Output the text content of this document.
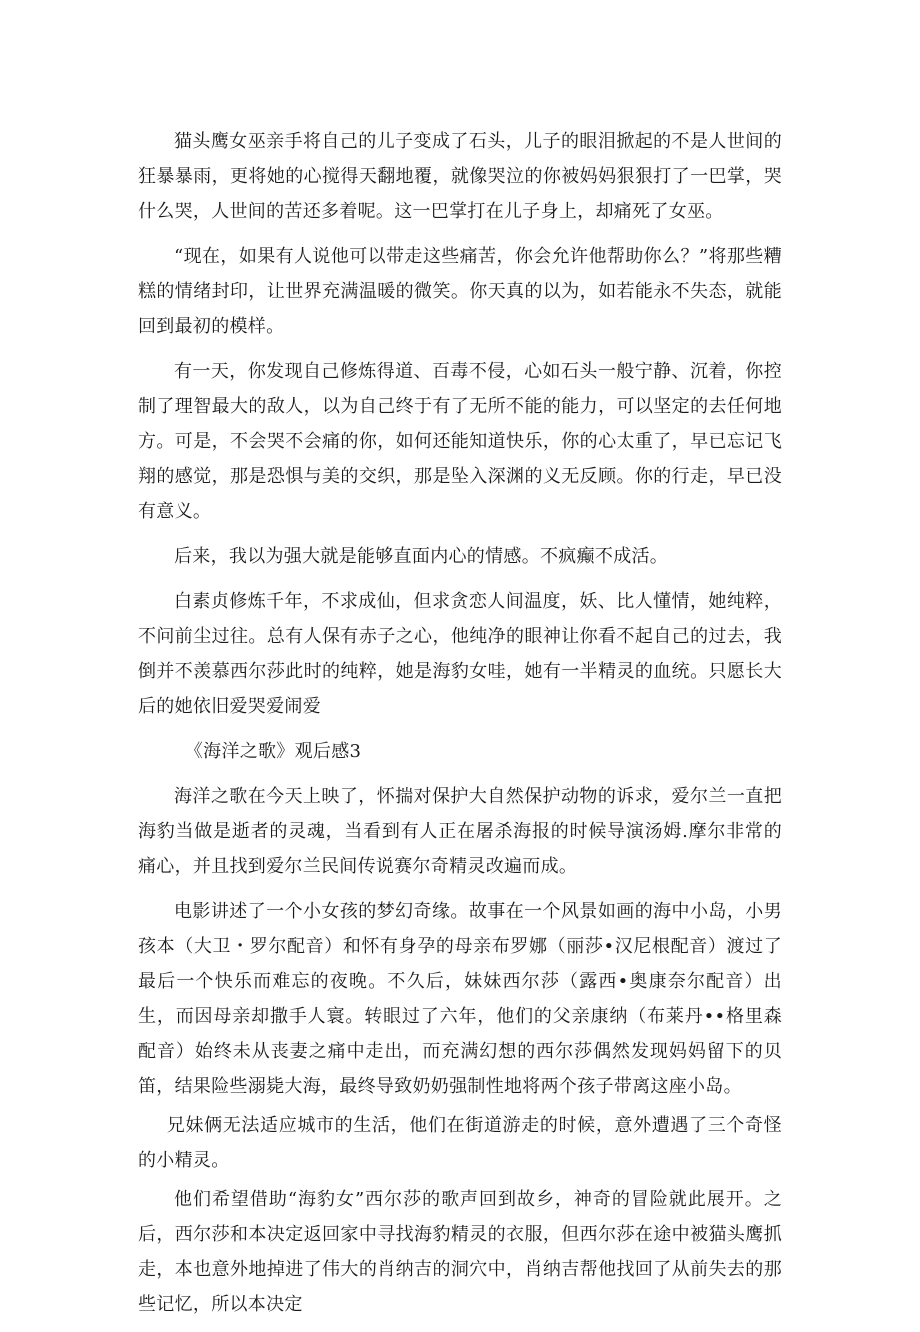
猫头鹰女巫亲手将自己的儿子变成了石头，儿子的眼泪掀起的不是人世间的狂暴暴雨，更将她的心搅得天翻地覆，就像哭泣的你被妈妈狠狠打了一巴掌，哭什么哭，人世间的苦还多着呢。这一巴掌打在儿子身上，却痛死了女巫。

“现在，如果有人说他可以带走这些痛苦，你会允许他帮助你么？”将那些糟糕的情绪封印，让世界充满温暖的微笑。你天真的以为，如若能永不失态，就能回到最初的模样。

有一天，你发现自己修炼得道、百毒不侵，心如石头一般宁静、沉着，你控制了理智最大的敌人，以为自己终于有了无所不能的能力，可以坚定的去任何地方。可是，不会哭不会痛的你，如何还能知道快乐，你的心太重了，早已忘记飞翔的感觉，那是恐惧与美的交织，那是坠入深渊的义无反顾。你的行走，早已没有意义。

后来，我以为强大就是能够直面内心的情感。不疯癫不成活。

白素贞修炼千年，不求成仙，但求贪恋人间温度，妖、比人懂情，她纯粹，不问前尘过往。总有人保有赤子之心，他纯净的眼神让你看不起自己的过去，我倒并不羡慕西尔莎此时的纯粹，她是海豹女哇，她有一半精灵的血统。只愿长大后的她依旧爱哭爱闹爱

《海洋之歌》观后感3

海洋之歌在今天上映了，怀揣对保护大自然保护动物的诉求，爱尔兰一直把海豹当做是逝者的灵魂，当看到有人正在屠杀海报的时候导演汤姆.摩尔非常的痛心，并且找到爱尔兰民间传说赛尔奇精灵改遍而成。

电影讲述了一个小女孩的梦幻奇缘。故事在一个风景如画的海中小岛，小男孩本（大卫・罗尔配音）和怀有身孕的母亲布罗娜（丽莎•汉尼根配音）渡过了最后一个快乐而难忘的夜晚。不久后，妹妹西尔莎（露西•奥康奈尔配音）出生，而因母亲却撒手人寰。转眼过了六年，他们的父亲康纳（布莱丹••格里森配音）始终未从丧妻之痛中走出，而充满幻想的西尔莎偶然发现妈妈留下的贝笛，结果险些溺毙大海，最终导致奶奶强制性地将两个孩子带离这座小岛。

兄妹俩无法适应城市的生活，他们在街道游走的时候，意外遭遇了三个奇怪的小精灵。

他们希望借助“海豹女”西尔莎的歌声回到故乡，神奇的冒险就此展开。之后，西尔莎和本决定返回家中寻找海豹精灵的衣服，但西尔莎在途中被猫头鹰抓走，本也意外地掉进了伟大的肖纳吉的洞穴中，肖纳吉帮他找回了从前失去的那些记忆，所以本决定
